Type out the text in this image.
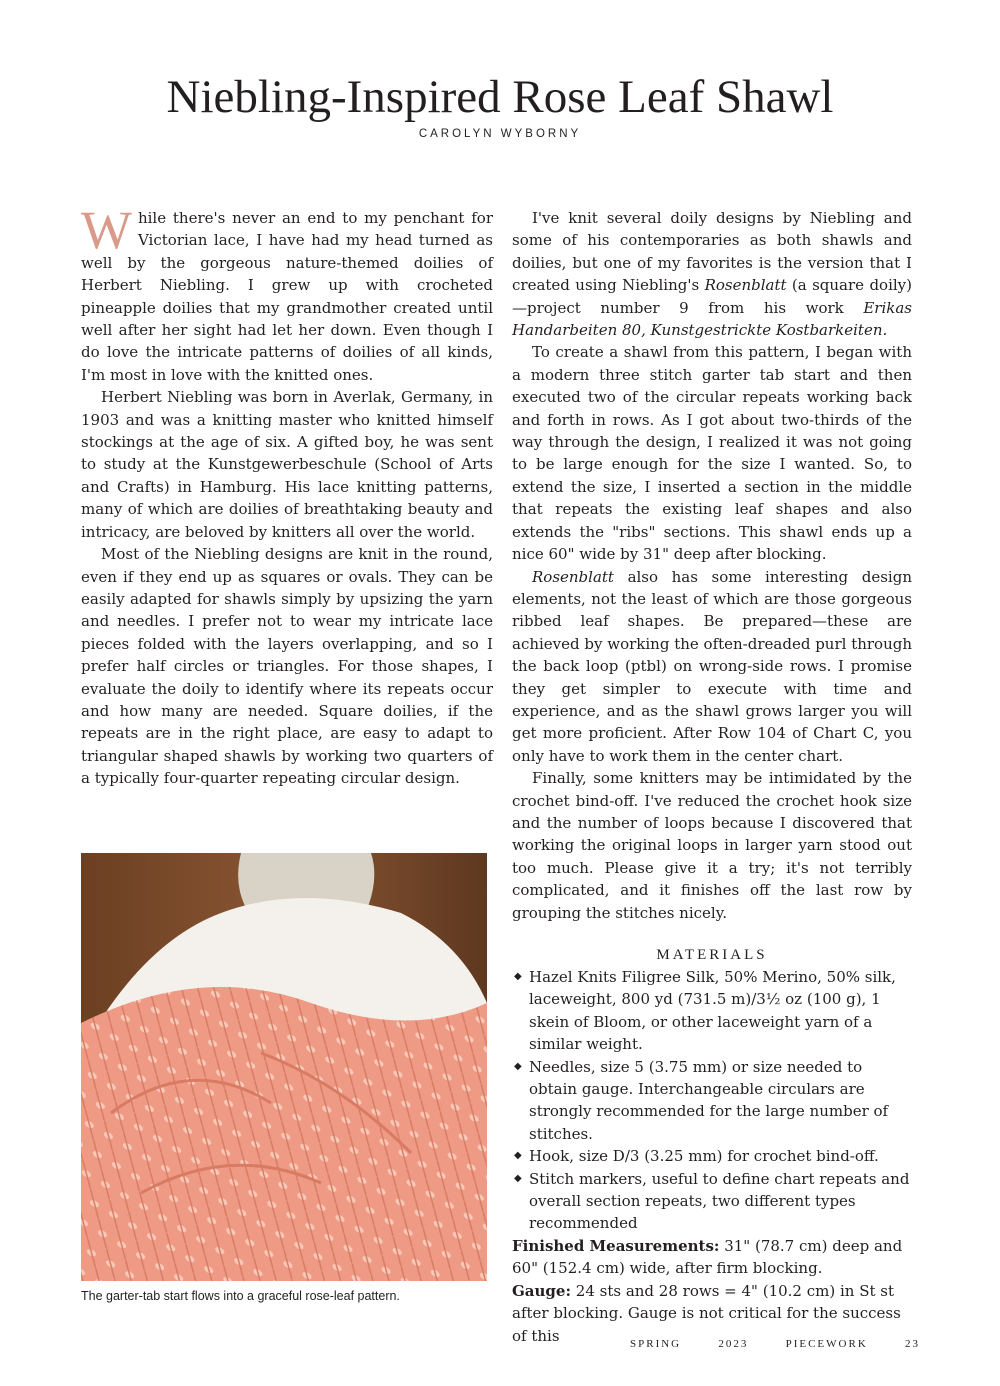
Niebling-Inspired Rose Leaf Shawl
CAROLYN WYBORNY

While there's never an end to my penchant for Victorian lace, I have had my head turned as well by the gorgeous nature-themed doilies of Herbert Niebling. I grew up with crocheted pineapple doilies that my grandmother created until well after her sight had let her down. Even though I do love the intricate patterns of doilies of all kinds, I'm most in love with the knitted ones.

Herbert Niebling was born in Averlak, Germany, in 1903 and was a knitting master who knitted himself stockings at the age of six. A gifted boy, he was sent to study at the Kunstgewerbeschule (School of Arts and Crafts) in Hamburg. His lace knitting patterns, many of which are doilies of breathtaking beauty and intricacy, are beloved by knitters all over the world.

Most of the Niebling designs are knit in the round, even if they end up as squares or ovals. They can be easily adapted for shawls simply by upsizing the yarn and needles. I prefer not to wear my intricate lace pieces folded with the layers overlapping, and so I prefer half circles or triangles. For those shapes, I evaluate the doily to identify where its repeats occur and how many are needed. Square doilies, if the repeats are in the right place, are easy to adapt to triangular shaped shawls by working two quarters of a typically four-quarter repeating circular design.

I've knit several doily designs by Niebling and some of his contemporaries as both shawls and doilies, but one of my favorites is the version that I created using Niebling's Rosenblatt (a square doily) —project number 9 from his work Erikas Handarbeiten 80, Kunstgestrickte Kostbarkeiten.

To create a shawl from this pattern, I began with a modern three stitch garter tab start and then executed two of the circular repeats working back and forth in rows. As I got about two-thirds of the way through the design, I realized it was not going to be large enough for the size I wanted. So, to extend the size, I inserted a section in the middle that repeats the existing leaf shapes and also extends the "ribs" sections. This shawl ends up a nice 60" wide by 31" deep after blocking.

Rosenblatt also has some interesting design elements, not the least of which are those gorgeous ribbed leaf shapes. Be prepared—these are achieved by working the often-dreaded purl through the back loop (ptbl) on wrong-side rows. I promise they get simpler to execute with time and experience, and as the shawl grows larger you will get more proficient. After Row 104 of Chart C, you only have to work them in the center chart.

Finally, some knitters may be intimidated by the crochet bind-off. I've reduced the crochet hook size and the number of loops because I discovered that working the original loops in larger yarn stood out too much. Please give it a try; it's not terribly complicated, and it finishes off the last row by grouping the stitches nicely.

The garter-tab start flows into a graceful rose-leaf pattern.
MATERIALS
◆ Hazel Knits Filigree Silk, 50% Merino, 50% silk, laceweight, 800 yd (731.5 m)/3½ oz (100 g), 1 skein of Bloom, or other laceweight yarn of a similar weight.
◆ Needles, size 5 (3.75 mm) or size needed to obtain gauge. Interchangeable circulars are strongly recommended for the large number of stitches.
◆ Hook, size D/3 (3.25 mm) for crochet bind-off.
◆ Stitch markers, useful to define chart repeats and overall section repeats, two different types recommended

Finished Measurements: 31" (78.7 cm) deep and 60" (152.4 cm) wide, after firm blocking.

Gauge: 24 sts and 28 rows = 4" (10.2 cm) in St st after blocking. Gauge is not critical for the success of this	SPRING	2023	PIECEWORK	23
